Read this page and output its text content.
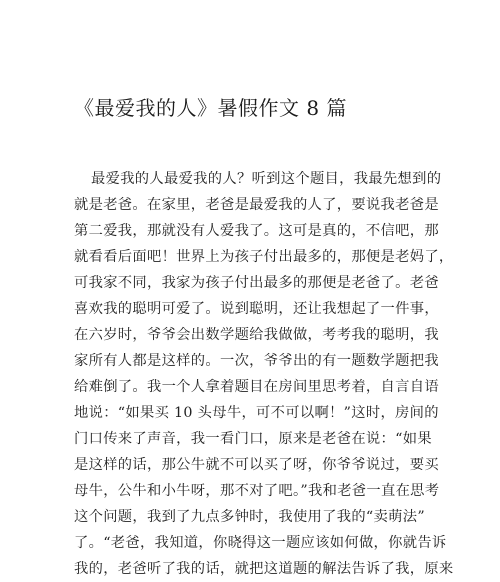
《最爱我的人》暑假作文 8 篇
最爱我的人最爱我的人？听到这个题目，我最先想到的
就是老爸。在家里，老爸是最爱我的人了，要说我老爸是
第二爱我，那就没有人爱我了。这可是真的，不信吧，那
就看看后面吧！世界上为孩子付出最多的，那便是老妈了，
可我家不同，我家为孩子付出最多的那便是老爸了。老爸
喜欢我的聪明可爱了。说到聪明，还让我想起了一件事，
在六岁时，爷爷会出数学题给我做做，考考我的聪明，我
家所有人都是这样的。一次，爷爷出的有一题数学题把我
给难倒了。我一个人拿着题目在房间里思考着，自言自语
地说：“如果买 10 头母牛，可不可以啊！”这时，房间的
门口传来了声音，我一看门口，原来是老爸在说：“如果
是这样的话，那公牛就不可以买了呀，你爷爷说过，要买
母牛，公牛和小牛呀，那不对了吧。”我和老爸一直在思考
这个问题，我到了九点多钟时，我使用了我的“卖萌法”
了。“老爸，我知道，你晓得这一题应该如何做，你就告诉
我的，老爸听了我的话，就把这道题的解法告诉了我，原来
